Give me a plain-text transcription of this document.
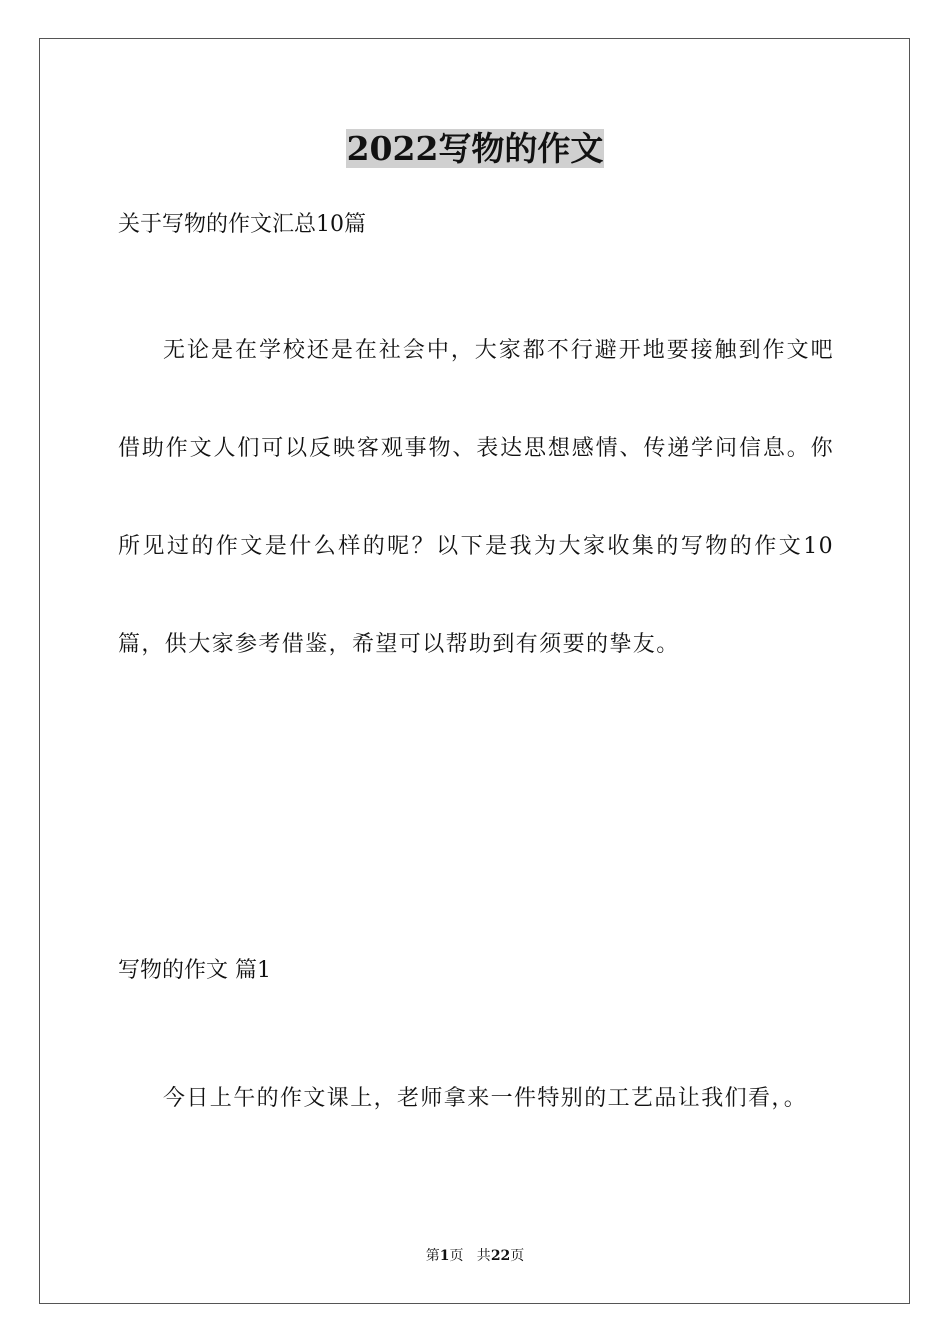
2022写物的作文
关于写物的作文汇总10篇
无论是在学校还是在社会中，大家都不行避开地要接触到作文吧借助作文人们可以反映客观事物、表达思想感情、传递学问信息。你所见过的作文是什么样的呢？以下是我为大家收集的写物的作文10篇，供大家参考借鉴，希望可以帮助到有须要的挚友。
写物的作文 篇1
今日上午的作文课上，老师拿来一件特别的工艺品让我们看，。
第1页   共22页
